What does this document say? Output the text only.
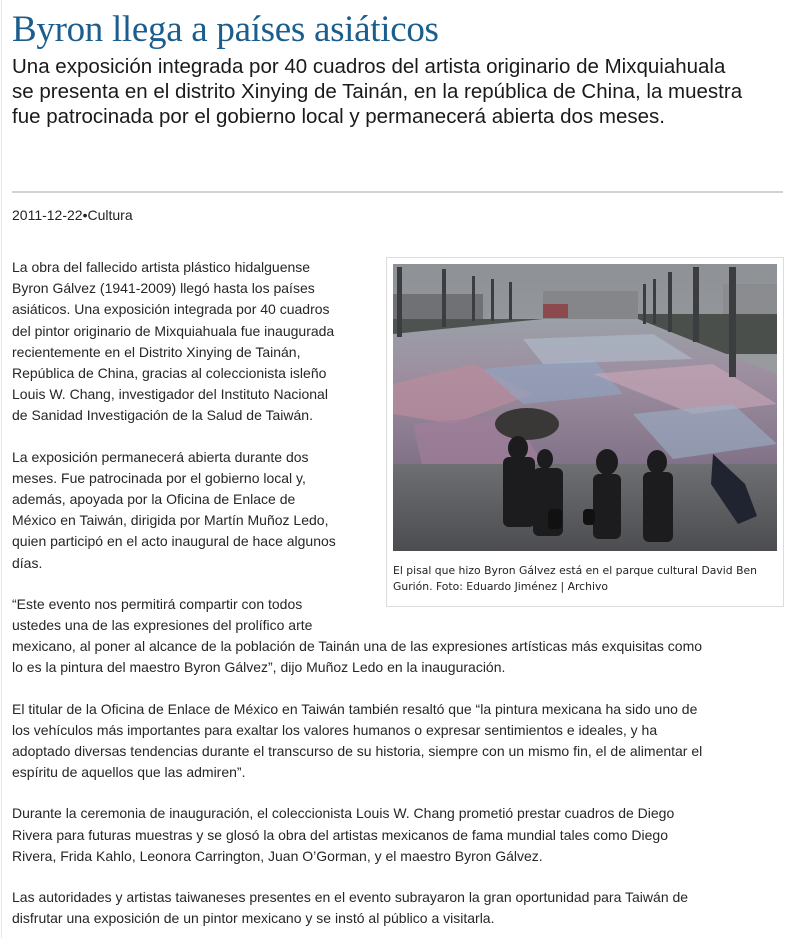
Byron llega a países asiáticos
Una exposición integrada por 40 cuadros del artista originario de Mixquiahuala
se presenta en el distrito Xinying de Tainán, en la república de China, la muestra
fue patrocinada por el gobierno local y permanecerá abierta dos meses.
2011-12-22•Cultura
El pisal que hizo Byron Gálvez está en el parque cultural David Ben
Gurión. Foto: Eduardo Jiménez | Archivo

La obra del fallecido artista plástico hidalguense
Byron Gálvez (1941-2009) llegó hasta los países
asiáticos. Una exposición integrada por 40 cuadros
del pintor originario de Mixquiahuala fue inaugurada
recientemente en el Distrito Xinying de Tainán,
República de China, gracias al coleccionista isleño
Louis W. Chang, investigador del Instituto Nacional
de Sanidad Investigación de la Salud de Taiwán.

La exposición permanecerá abierta durante dos
meses. Fue patrocinada por el gobierno local y,
además, apoyada por la Oficina de Enlace de
México en Taiwán, dirigida por Martín Muñoz Ledo,
quien participó en el acto inaugural de hace algunos
días.

“Este evento nos permitirá compartir con todos
ustedes una de las expresiones del prolífico arte
mexicano, al poner al alcance de la población de Tainán una de las expresiones artísticas más exquisitas como
lo es la pintura del maestro Byron Gálvez”, dijo Muñoz Ledo en la inauguración.

El titular de la Oficina de Enlace de México en Taiwán también resaltó que “la pintura mexicana ha sido uno de
los vehículos más importantes para exaltar los valores humanos o expresar sentimientos e ideales, y ha
adoptado diversas tendencias durante el transcurso de su historia, siempre con un mismo fin, el de alimentar el
espíritu de aquellos que las admiren”.

Durante la ceremonia de inauguración, el coleccionista Louis W. Chang prometió prestar cuadros de Diego
Rivera para futuras muestras y se glosó la obra del artistas mexicanos de fama mundial tales como Diego
Rivera, Frida Kahlo, Leonora Carrington, Juan O’Gorman, y el maestro Byron Gálvez.

Las autoridades y artistas taiwaneses presentes en el evento subrayaron la gran oportunidad para Taiwán de
disfrutar una exposición de un pintor mexicano y se instó al público a visitarla.
